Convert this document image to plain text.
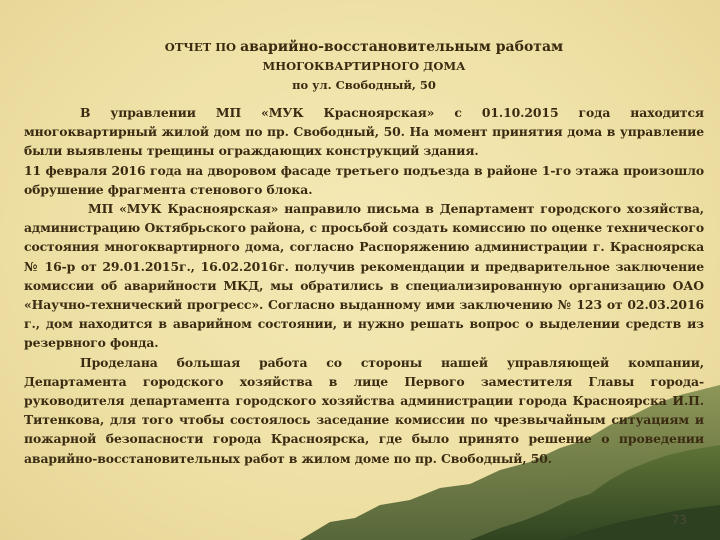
ОТЧЕТ ПО аварийно-восстановительным работам

МНОГОКВАРТИРНОГО ДОМА

по ул. Свободный, 50

В управлении МП «МУК Красноярская» с 01.10.2015 года находится многоквартирный жилой дом по пр. Свободный, 50. На момент принятия дома в управление были выявлены трещины ограждающих конструкций здания.

11 февраля 2016 года на дворовом фасаде третьего подъезда в районе 1-го этажа произошло обрушение фрагмента стенового блока.

МП «МУК Красноярская» направило письма в Департамент городского хозяйства, администрацию Октябрьского района, с просьбой создать комиссию по оценке технического состояния многоквартирного дома, согласно Распоряжению администрации г. Красноярска № 16-р от 29.01.2015г., 16.02.2016г. получив рекомендации и предварительное заключение комиссии об аварийности МКД, мы обратились в специализированную организацию ОАО «Научно-технический прогресс». Согласно выданному ими заключению № 123 от 02.03.2016 г., дом находится в аварийном состоянии, и нужно решать вопрос о выделении средств из резервного фонда.

Проделана большая работа со стороны нашей управляющей компании, Департамента городского хозяйства в лице Первого заместителя Главы города- руководителя департамента городского хозяйства администрации города Красноярска И.П. Титенкова, для того чтобы состоялось заседание комиссии по чрезвычайным ситуациям и пожарной безопасности города Красноярска, где было принято решение о проведении аварийно-восстановительных работ в жилом доме по пр. Свободный, 50.

73
